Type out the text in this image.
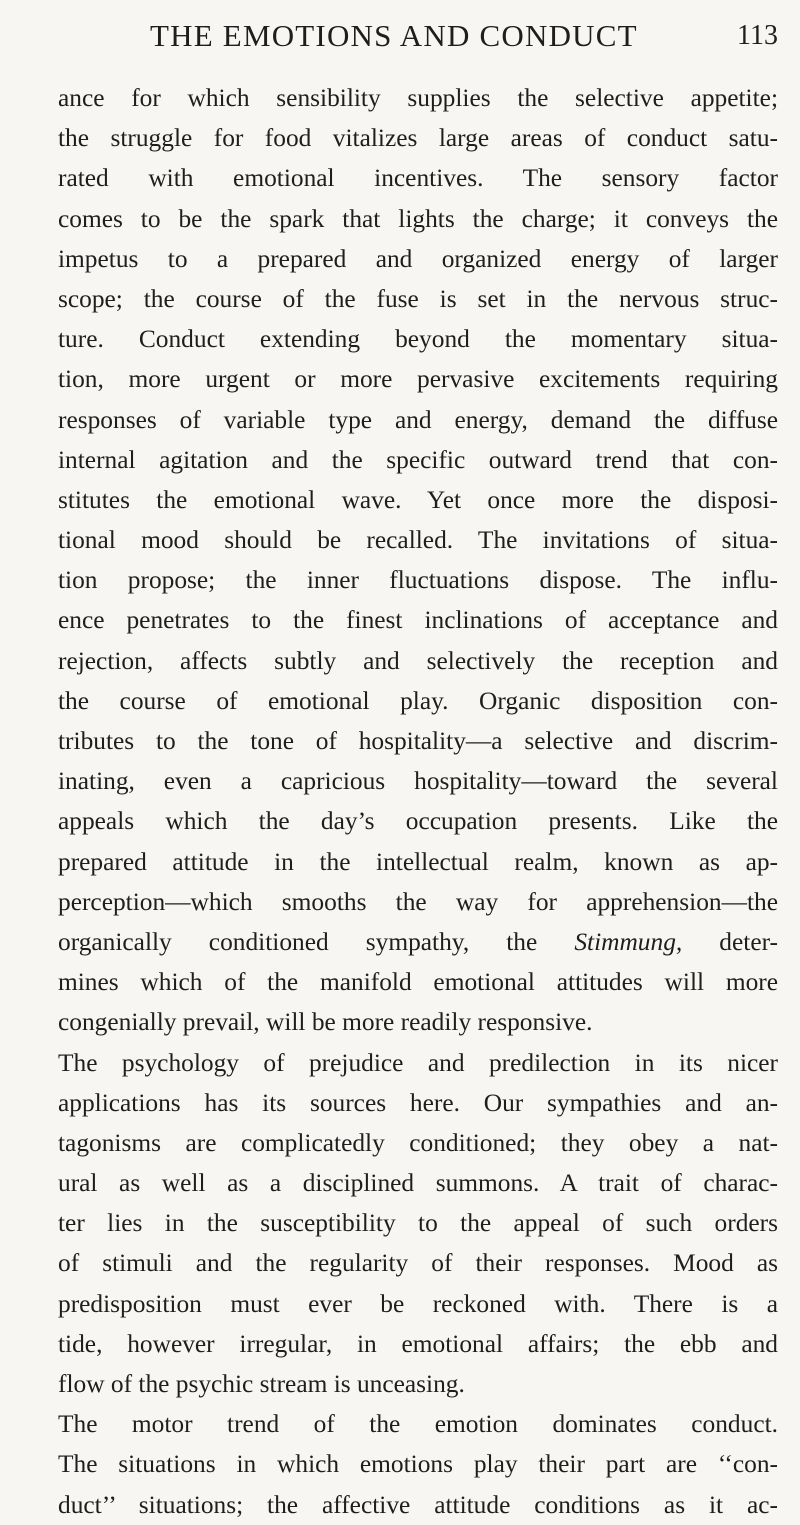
THE EMOTIONS AND CONDUCT	113
ance for which sensibility supplies the selective appetite;
the struggle for food vitalizes large areas of conduct satu-
rated with emotional incentives. The sensory factor
comes to be the spark that lights the charge; it conveys the
impetus to a prepared and organized energy of larger
scope; the course of the fuse is set in the nervous struc-
ture. Conduct extending beyond the momentary situa-
tion, more urgent or more pervasive excitements requiring
responses of variable type and energy, demand the diffuse
internal agitation and the specific outward trend that con-
stitutes the emotional wave. Yet once more the disposi-
tional mood should be recalled. The invitations of situa-
tion propose; the inner fluctuations dispose. The influ-
ence penetrates to the finest inclinations of acceptance and
rejection, affects subtly and selectively the reception and
the course of emotional play. Organic disposition con-
tributes to the tone of hospitality—a selective and discrim-
inating, even a capricious hospitality—toward the several
appeals which the day’s occupation presents. Like the
prepared attitude in the intellectual realm, known as ap-
perception—which smooths the way for apprehension—the
organically conditioned sympathy, the Stimmung, deter-
mines which of the manifold emotional attitudes will more
congenially prevail, will be more readily responsive.
The psychology of prejudice and predilection in its nicer
applications has its sources here. Our sympathies and an-
tagonisms are complicatedly conditioned; they obey a nat-
ural as well as a disciplined summons. A trait of charac-
ter lies in the susceptibility to the appeal of such orders
of stimuli and the regularity of their responses. Mood as
predisposition must ever be reckoned with. There is a
tide, however irregular, in emotional affairs; the ebb and
flow of the psychic stream is unceasing.
The motor trend of the emotion dominates conduct.
The situations in which emotions play their part are ‘‘con-
duct’’ situations; the affective attitude conditions as it ac-
